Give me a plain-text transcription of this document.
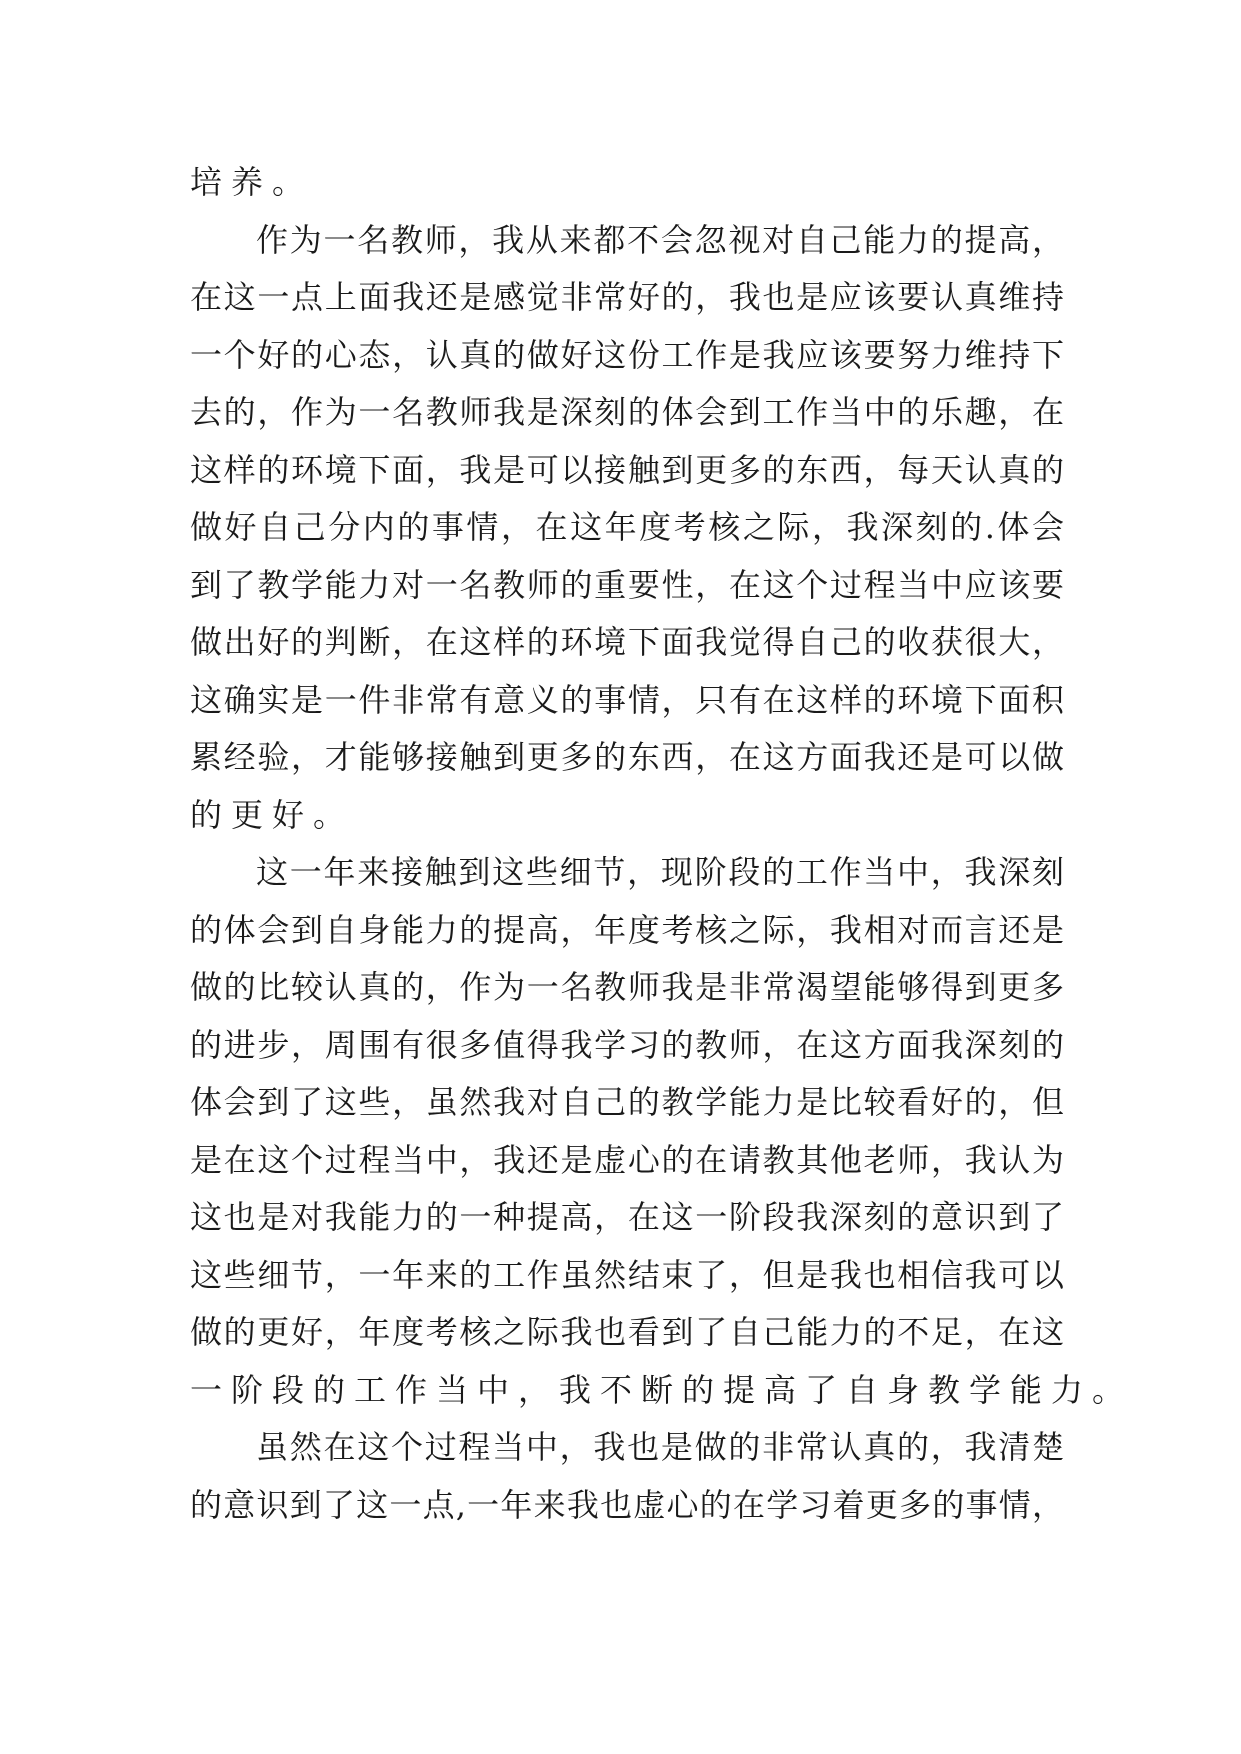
培养。
作为一名教师，我从来都不会忽视对自己能力的提高，
在这一点上面我还是感觉非常好的，我也是应该要认真维持
一个好的心态，认真的做好这份工作是我应该要努力维持下
去的，作为一名教师我是深刻的体会到工作当中的乐趣，在
这样的环境下面，我是可以接触到更多的东西，每天认真的
做好自己分内的事情，在这年度考核之际，我深刻的.体会
到了教学能力对一名教师的重要性，在这个过程当中应该要
做出好的判断，在这样的环境下面我觉得自己的收获很大，
这确实是一件非常有意义的事情，只有在这样的环境下面积
累经验，才能够接触到更多的东西，在这方面我还是可以做
的更好。
这一年来接触到这些细节，现阶段的工作当中，我深刻
的体会到自身能力的提高，年度考核之际，我相对而言还是
做的比较认真的，作为一名教师我是非常渴望能够得到更多
的进步，周围有很多值得我学习的教师，在这方面我深刻的
体会到了这些，虽然我对自己的教学能力是比较看好的，但
是在这个过程当中，我还是虚心的在请教其他老师，我认为
这也是对我能力的一种提高，在这一阶段我深刻的意识到了
这些细节，一年来的工作虽然结束了，但是我也相信我可以
做的更好，年度考核之际我也看到了自己能力的不足，在这
一阶段的工作当中，我不断的提高了自身教学能力。
虽然在这个过程当中，我也是做的非常认真的，我清楚
的意识到了这一点,一年来我也虚心的在学习着更多的事情，
